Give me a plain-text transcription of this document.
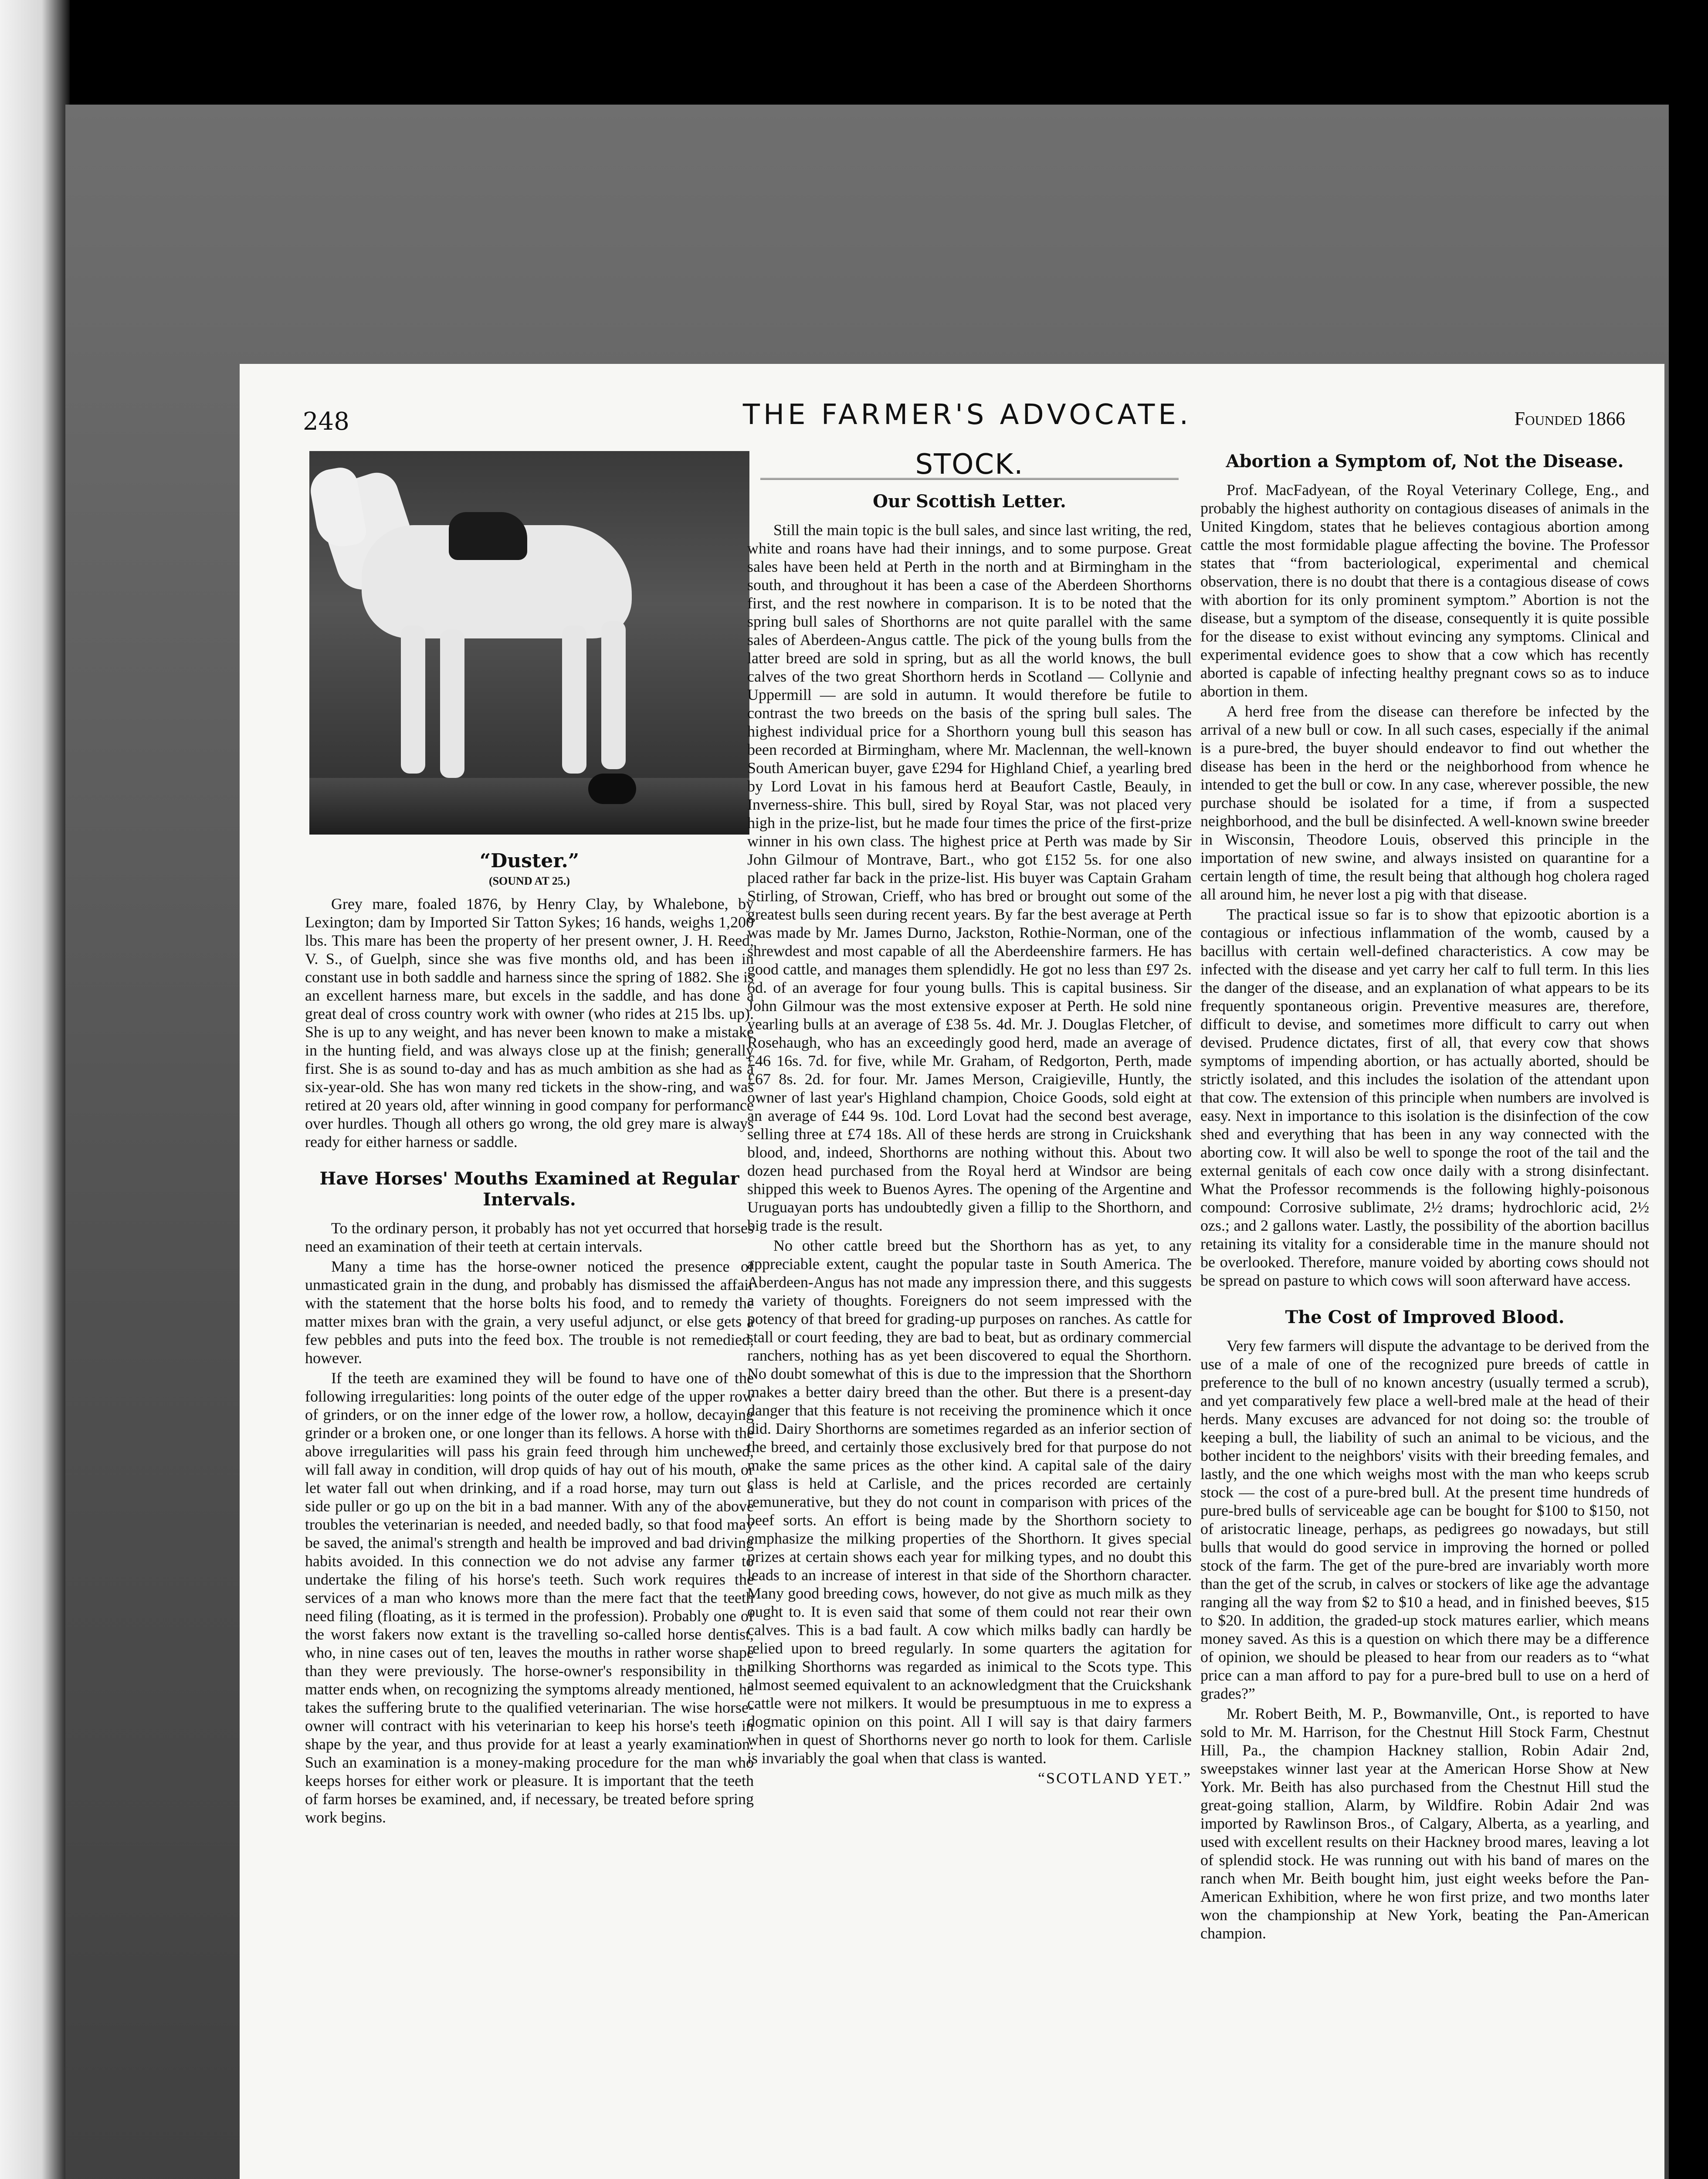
248	THE FARMER'S ADVOCATE.	Founded 1866
“Duster.”
(SOUND AT 25.)

Grey mare, foaled 1876, by Henry Clay, by Whalebone, by Lexington; dam by Imported Sir Tatton Sykes; 16 hands, weighs 1,200 lbs. This mare has been the property of her present owner, J. H. Reed, V. S., of Guelph, since she was five months old, and has been in constant use in both saddle and harness since the spring of 1882. She is an excellent harness mare, but excels in the saddle, and has done a great deal of cross country work with owner (who rides at 215 lbs. up). She is up to any weight, and has never been known to make a mistake in the hunting field, and was always close up at the finish; generally first. She is as sound to-day and has as much ambition as she had as a six-year-old. She has won many red tickets in the show-ring, and was retired at 20 years old, after winning in good company for performance over hurdles. Though all others go wrong, the old grey mare is always ready for either harness or saddle.

Have Horses' Mouths Examined at Regular Intervals.

To the ordinary person, it probably has not yet occurred that horses need an examination of their teeth at certain intervals.

Many a time has the horse-owner noticed the presence of unmasticated grain in the dung, and probably has dismissed the affair with the statement that the horse bolts his food, and to remedy the matter mixes bran with the grain, a very useful adjunct, or else gets a few pebbles and puts into the feed box. The trouble is not remedied, however.

If the teeth are examined they will be found to have one of the following irregularities: long points of the outer edge of the upper row of grinders, or on the inner edge of the lower row, a hollow, decaying grinder or a broken one, or one longer than its fellows. A horse with the above irregularities will pass his grain feed through him unchewed, will fall away in condition, will drop quids of hay out of his mouth, or let water fall out when drinking, and if a road horse, may turn out a side puller or go up on the bit in a bad manner. With any of the above troubles the veterinarian is needed, and needed badly, so that food may be saved, the animal's strength and health be improved and bad driving habits avoided. In this connection we do not advise any farmer to undertake the filing of his horse's teeth. Such work requires the services of a man who knows more than the mere fact that the teeth need filing (floating, as it is termed in the profession). Probably one of the worst fakers now extant is the travelling so-called horse dentist, who, in nine cases out of ten, leaves the mouths in rather worse shape than they were previously. The horse-owner's responsibility in the matter ends when, on recognizing the symptoms already mentioned, he takes the suffering brute to the qualified veterinarian. The wise horse-owner will contract with his veterinarian to keep his horse's teeth in shape by the year, and thus provide for at least a yearly examination. Such an examination is a money-making procedure for the man who keeps horses for either work or pleasure. It is important that the teeth of farm horses be examined, and, if necessary, be treated before spring work begins.

STOCK.
Our Scottish Letter.

Still the main topic is the bull sales, and since last writing, the red, white and roans have had their innings, and to some purpose. Great sales have been held at Perth in the north and at Birmingham in the south, and throughout it has been a case of the Aberdeen Shorthorns first, and the rest nowhere in comparison. It is to be noted that the spring bull sales of Shorthorns are not quite parallel with the same sales of Aberdeen-Angus cattle. The pick of the young bulls from the latter breed are sold in spring, but as all the world knows, the bull calves of the two great Shorthorn herds in Scotland — Collynie and Uppermill — are sold in autumn. It would therefore be futile to contrast the two breeds on the basis of the spring bull sales. The highest individual price for a Shorthorn young bull this season has been recorded at Birmingham, where Mr. Maclennan, the well-known South American buyer, gave £294 for Highland Chief, a yearling bred by Lord Lovat in his famous herd at Beaufort Castle, Beauly, in Inverness-shire. This bull, sired by Royal Star, was not placed very high in the prize-list, but he made four times the price of the first-prize winner in his own class. The highest price at Perth was made by Sir John Gilmour of Montrave, Bart., who got £152 5s. for one also placed rather far back in the prize-list. His buyer was Captain Graham Stirling, of Strowan, Crieff, who has bred or brought out some of the greatest bulls seen during recent years. By far the best average at Perth was made by Mr. James Durno, Jackston, Rothie-Norman, one of the shrewdest and most capable of all the Aberdeenshire farmers. He has good cattle, and manages them splendidly. He got no less than £97 2s. 6d. of an average for four young bulls. This is capital business. Sir John Gilmour was the most extensive exposer at Perth. He sold nine yearling bulls at an average of £38 5s. 4d. Mr. J. Douglas Fletcher, of Rosehaugh, who has an exceedingly good herd, made an average of £46 16s. 7d. for five, while Mr. Graham, of Redgorton, Perth, made £67 8s. 2d. for four. Mr. James Merson, Craigieville, Huntly, the owner of last year's Highland champion, Choice Goods, sold eight at an average of £44 9s. 10d. Lord Lovat had the second best average, selling three at £74 18s. All of these herds are strong in Cruickshank blood, and, indeed, Shorthorns are nothing without this. About two dozen head purchased from the Royal herd at Windsor are being shipped this week to Buenos Ayres. The opening of the Argentine and Uruguayan ports has undoubtedly given a fillip to the Shorthorn, and big trade is the result.

No other cattle breed but the Shorthorn has as yet, to any appreciable extent, caught the popular taste in South America. The Aberdeen-Angus has not made any impression there, and this suggests a variety of thoughts. Foreigners do not seem impressed with the potency of that breed for grading-up purposes on ranches. As cattle for stall or court feeding, they are bad to beat, but as ordinary commercial ranchers, nothing has as yet been discovered to equal the Shorthorn. No doubt somewhat of this is due to the impression that the Shorthorn makes a better dairy breed than the other. But there is a present-day danger that this feature is not receiving the prominence which it once did. Dairy Shorthorns are sometimes regarded as an inferior section of the breed, and certainly those exclusively bred for that purpose do not make the same prices as the other kind. A capital sale of the dairy class is held at Carlisle, and the prices recorded are certainly remunerative, but they do not count in comparison with prices of the beef sorts. An effort is being made by the Shorthorn society to emphasize the milking properties of the Shorthorn. It gives special prizes at certain shows each year for milking types, and no doubt this leads to an increase of interest in that side of the Shorthorn character. Many good breeding cows, however, do not give as much milk as they ought to. It is even said that some of them could not rear their own calves. This is a bad fault. A cow which milks badly can hardly be relied upon to breed regularly. In some quarters the agitation for milking Shorthorns was regarded as inimical to the Scots type. This almost seemed equivalent to an acknowledgment that the Cruickshank cattle were not milkers. It would be presumptuous in me to express a dogmatic opinion on this point. All I will say is that dairy farmers when in quest of Shorthorns never go north to look for them. Carlisle is invariably the goal when that class is wanted.

“SCOTLAND YET.”

Abortion a Symptom of, Not the Disease.

Prof. MacFadyean, of the Royal Veterinary College, Eng., and probably the highest authority on contagious diseases of animals in the United Kingdom, states that he believes contagious abortion among cattle the most formidable plague affecting the bovine. The Professor states that “from bacteriological, experimental and chemical observation, there is no doubt that there is a contagious disease of cows with abortion for its only prominent symptom.” Abortion is not the disease, but a symptom of the disease, consequently it is quite possible for the disease to exist without evincing any symptoms. Clinical and experimental evidence goes to show that a cow which has recently aborted is capable of infecting healthy pregnant cows so as to induce abortion in them.

A herd free from the disease can therefore be infected by the arrival of a new bull or cow. In all such cases, especially if the animal is a pure-bred, the buyer should endeavor to find out whether the disease has been in the herd or the neighborhood from whence he intended to get the bull or cow. In any case, wherever possible, the new purchase should be isolated for a time, if from a suspected neighborhood, and the bull be disinfected. A well-known swine breeder in Wisconsin, Theodore Louis, observed this principle in the importation of new swine, and always insisted on quarantine for a certain length of time, the result being that although hog cholera raged all around him, he never lost a pig with that disease.

The practical issue so far is to show that epizootic abortion is a contagious or infectious inflammation of the womb, caused by a bacillus with certain well-defined characteristics. A cow may be infected with the disease and yet carry her calf to full term. In this lies the danger of the disease, and an explanation of what appears to be its frequently spontaneous origin. Preventive measures are, therefore, difficult to devise, and sometimes more difficult to carry out when devised. Prudence dictates, first of all, that every cow that shows symptoms of impending abortion, or has actually aborted, should be strictly isolated, and this includes the isolation of the attendant upon that cow. The extension of this principle when numbers are involved is easy. Next in importance to this isolation is the disinfection of the cow shed and everything that has been in any way connected with the aborting cow. It will also be well to sponge the root of the tail and the external genitals of each cow once daily with a strong disinfectant. What the Professor recommends is the following highly-poisonous compound: Corrosive sublimate, 2½ drams; hydrochloric acid, 2½ ozs.; and 2 gallons water. Lastly, the possibility of the abortion bacillus retaining its vitality for a considerable time in the manure should not be overlooked. Therefore, manure voided by aborting cows should not be spread on pasture to which cows will soon afterward have access.

The Cost of Improved Blood.

Very few farmers will dispute the advantage to be derived from the use of a male of one of the recognized pure breeds of cattle in preference to the bull of no known ancestry (usually termed a scrub), and yet comparatively few place a well-bred male at the head of their herds. Many excuses are advanced for not doing so: the trouble of keeping a bull, the liability of such an animal to be vicious, and the bother incident to the neighbors' visits with their breeding females, and lastly, and the one which weighs most with the man who keeps scrub stock — the cost of a pure-bred bull. At the present time hundreds of pure-bred bulls of serviceable age can be bought for $100 to $150, not of aristocratic lineage, perhaps, as pedigrees go nowadays, but still bulls that would do good service in improving the horned or polled stock of the farm. The get of the pure-bred are invariably worth more than the get of the scrub, in calves or stockers of like age the advantage ranging all the way from $2 to $10 a head, and in finished beeves, $15 to $20. In addition, the graded-up stock matures earlier, which means money saved. As this is a question on which there may be a difference of opinion, we should be pleased to hear from our readers as to “what price can a man afford to pay for a pure-bred bull to use on a herd of grades?”

Mr. Robert Beith, M. P., Bowmanville, Ont., is reported to have sold to Mr. M. Harrison, for the Chestnut Hill Stock Farm, Chestnut Hill, Pa., the champion Hackney stallion, Robin Adair 2nd, sweepstakes winner last year at the American Horse Show at New York. Mr. Beith has also purchased from the Chestnut Hill stud the great-going stallion, Alarm, by Wildfire. Robin Adair 2nd was imported by Rawlinson Bros., of Calgary, Alberta, as a yearling, and used with excellent results on their Hackney brood mares, leaving a lot of splendid stock. He was running out with his band of mares on the ranch when Mr. Beith bought him, just eight weeks before the Pan-American Exhibition, where he won first prize, and two months later won the championship at New York, beating the Pan-American champion.
